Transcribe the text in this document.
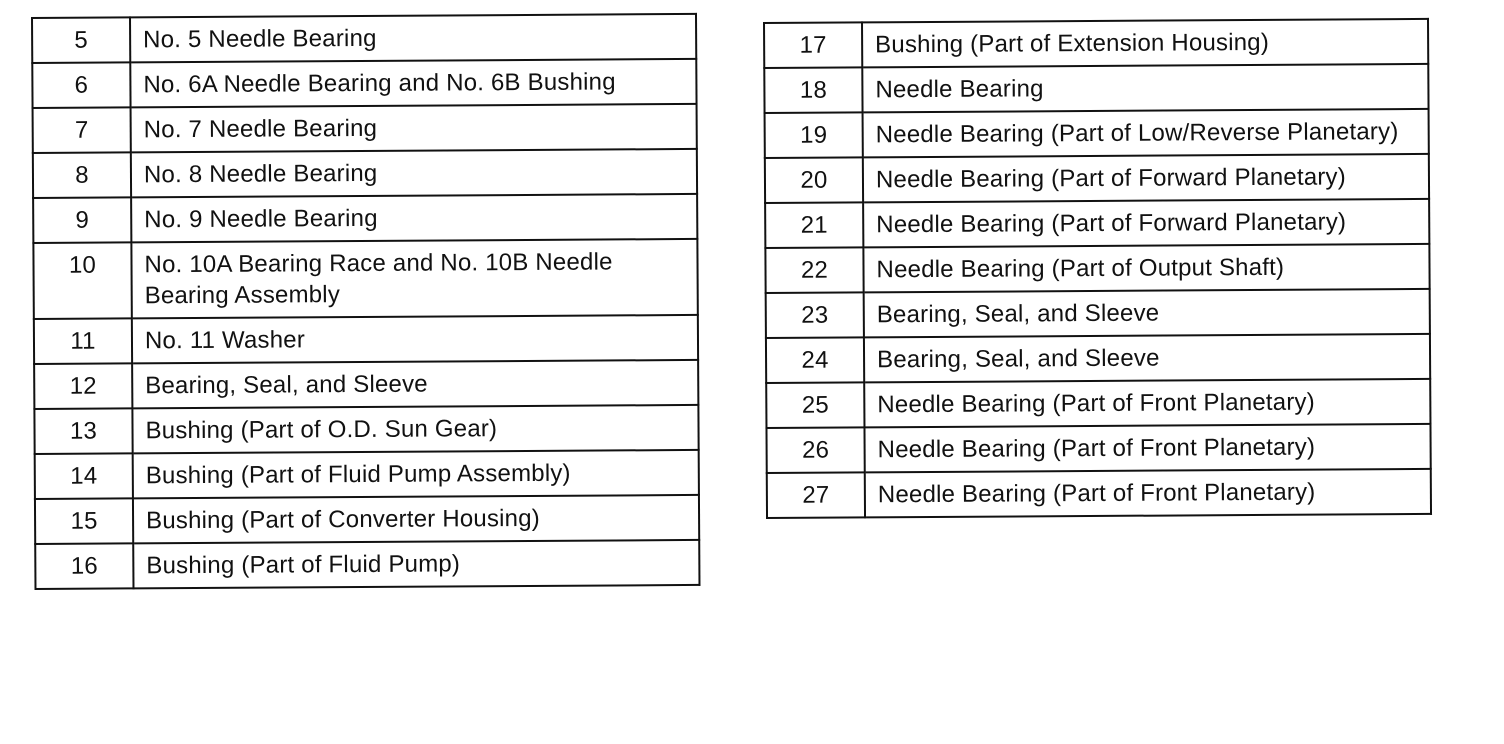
5	No. 5 Needle Bearing
6	No. 6A Needle Bearing and No. 6B Bushing
7	No. 7 Needle Bearing
8	No. 8 Needle Bearing
9	No. 9 Needle Bearing
10	No. 10A Bearing Race and No. 10B Needle Bearing Assembly
11	No. 11 Washer
12	Bearing, Seal, and Sleeve
13	Bushing (Part of O.D. Sun Gear)
14	Bushing (Part of Fluid Pump Assembly)
15	Bushing (Part of Converter Housing)
16	Bushing (Part of Fluid Pump)
17	Bushing (Part of Extension Housing)
18	Needle Bearing
19	Needle Bearing (Part of Low/Reverse Planetary)
20	Needle Bearing (Part of Forward Planetary)
21	Needle Bearing (Part of Forward Planetary)
22	Needle Bearing (Part of Output Shaft)
23	Bearing, Seal, and Sleeve
24	Bearing, Seal, and Sleeve
25	Needle Bearing (Part of Front Planetary)
26	Needle Bearing (Part of Front Planetary)
27	Needle Bearing (Part of Front Planetary)
